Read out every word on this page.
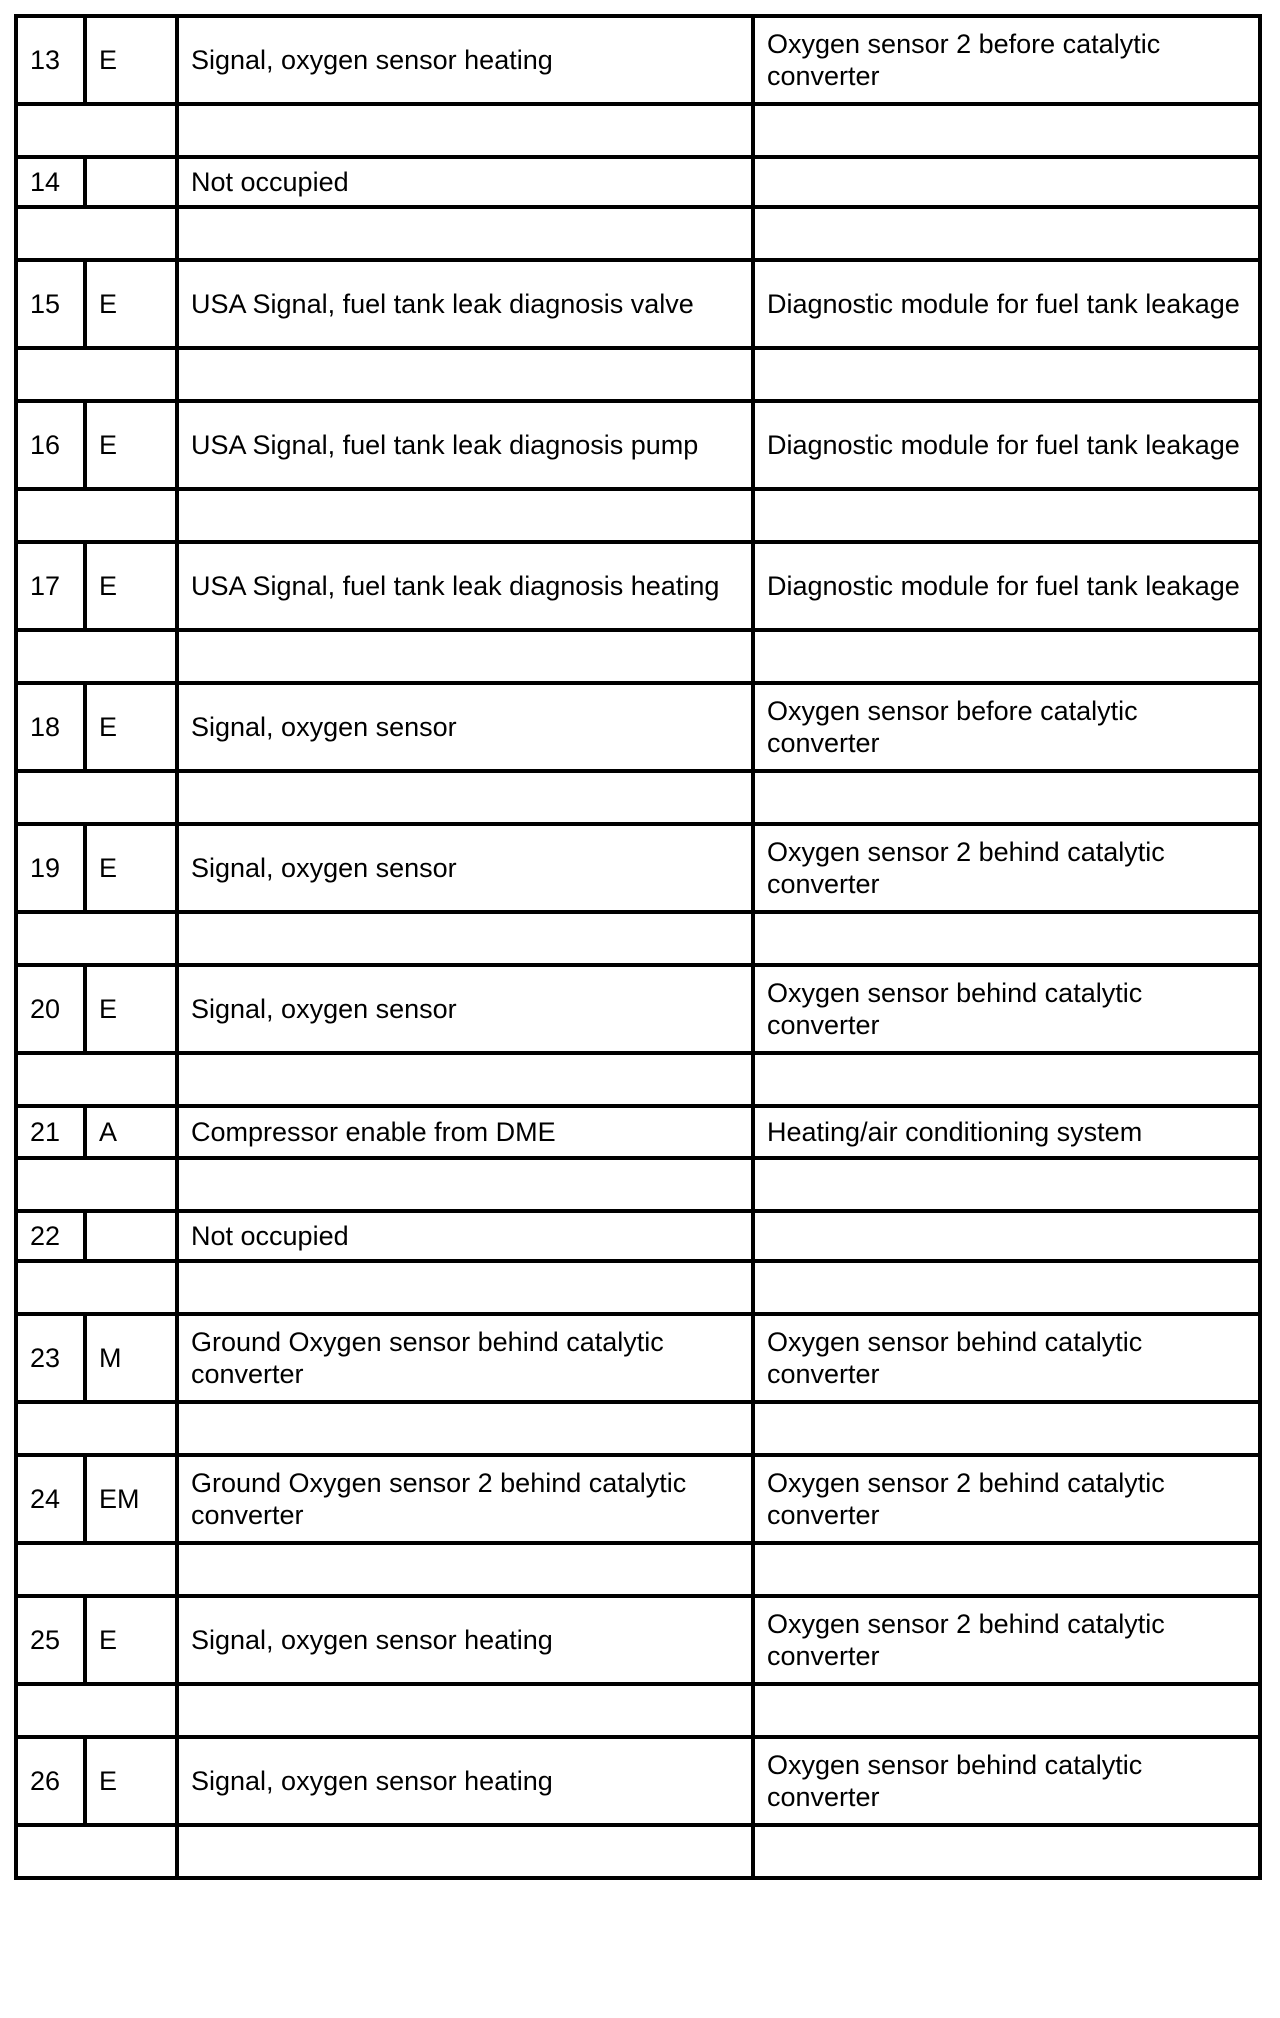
13	E	Signal, oxygen sensor heating	Oxygen sensor 2 before catalytic converter

14		Not occupied	

15	E	USA Signal, fuel tank leak diagnosis valve	Diagnostic module for fuel tank leakage

16	E	USA Signal, fuel tank leak diagnosis pump	Diagnostic module for fuel tank leakage

17	E	USA Signal, fuel tank leak diagnosis heating	Diagnostic module for fuel tank leakage

18	E	Signal, oxygen sensor	Oxygen sensor before catalytic converter

19	E	Signal, oxygen sensor	Oxygen sensor 2 behind catalytic converter

20	E	Signal, oxygen sensor	Oxygen sensor behind catalytic converter

21	A	Compressor enable from DME	Heating/air conditioning system

22		Not occupied	

23	M	Ground Oxygen sensor behind catalytic converter	Oxygen sensor behind catalytic converter

24	EM	Ground Oxygen sensor 2 behind catalytic converter	Oxygen sensor 2 behind catalytic converter

25	E	Signal, oxygen sensor heating	Oxygen sensor 2 behind catalytic converter

26	E	Signal, oxygen sensor heating	Oxygen sensor behind catalytic converter
